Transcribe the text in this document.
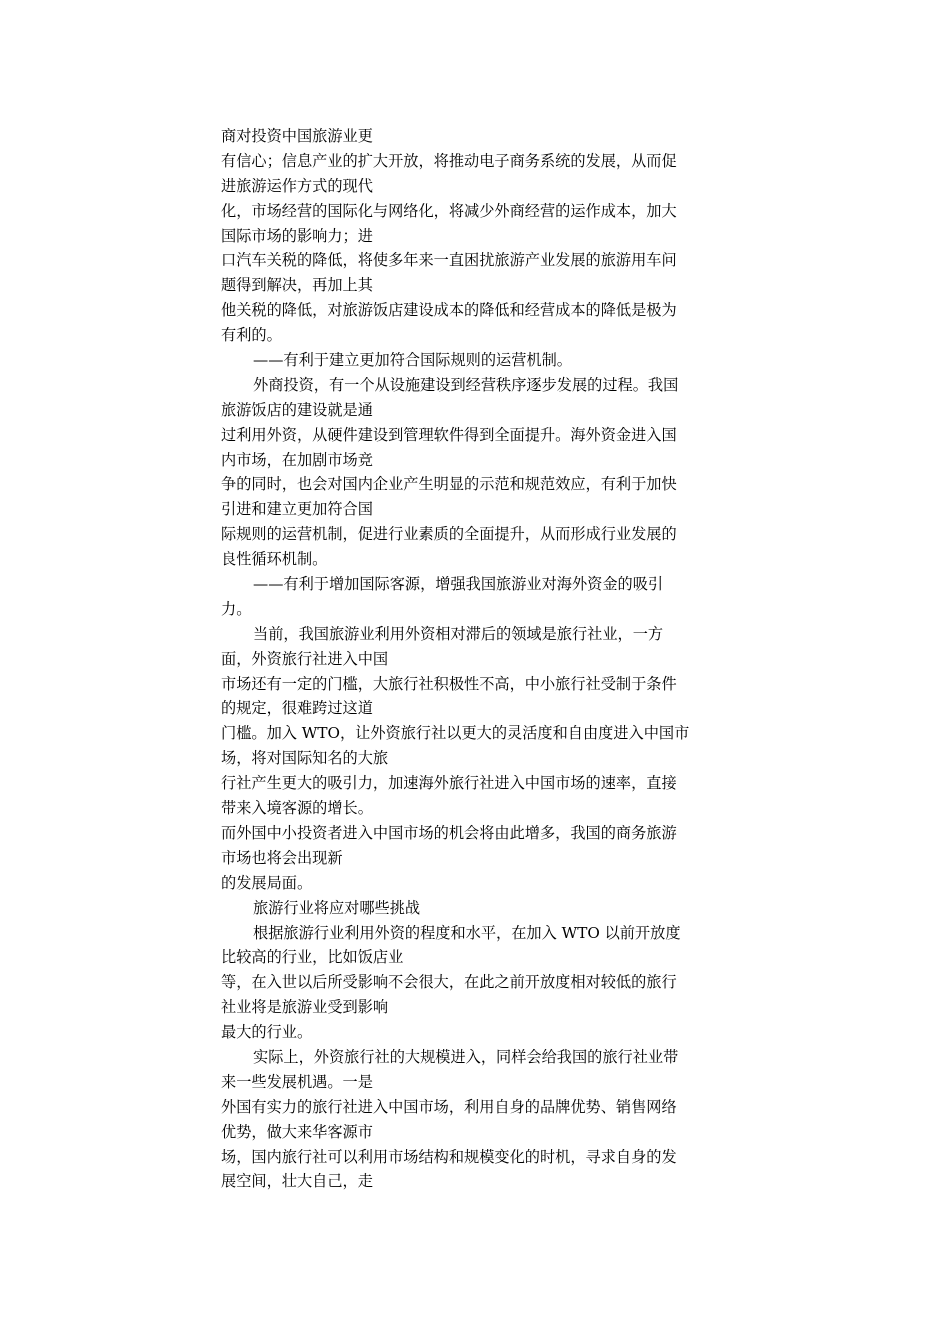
商对投资中国旅游业更
有信心；信息产业的扩大开放，将推动电子商务系统的发展，从而促
进旅游运作方式的现代
化，市场经营的国际化与网络化，将减少外商经营的运作成本，加大
国际市场的影响力；进
口汽车关税的降低，将使多年来一直困扰旅游产业发展的旅游用车问
题得到解决，再加上其
他关税的降低，对旅游饭店建设成本的降低和经营成本的降低是极为
有利的。
——有利于建立更加符合国际规则的运营机制。
外商投资，有一个从设施建设到经营秩序逐步发展的过程。我国
旅游饭店的建设就是通
过利用外资，从硬件建设到管理软件得到全面提升。海外资金进入国
内市场，在加剧市场竞
争的同时，也会对国内企业产生明显的示范和规范效应，有利于加快
引进和建立更加符合国
际规则的运营机制，促进行业素质的全面提升，从而形成行业发展的
良性循环机制。
——有利于增加国际客源，增强我国旅游业对海外资金的吸引
力。
当前，我国旅游业利用外资相对滞后的领域是旅行社业，一方
面，外资旅行社进入中国
市场还有一定的门槛，大旅行社积极性不高，中小旅行社受制于条件
的规定，很难跨过这道
门槛。加入 WTO，让外资旅行社以更大的灵活度和自由度进入中国市
场，将对国际知名的大旅
行社产生更大的吸引力，加速海外旅行社进入中国市场的速率，直接
带来入境客源的增长。
而外国中小投资者进入中国市场的机会将由此增多，我国的商务旅游
市场也将会出现新
的发展局面。
旅游行业将应对哪些挑战
根据旅游行业利用外资的程度和水平，在加入 WTO 以前开放度
比较高的行业，比如饭店业
等，在入世以后所受影响不会很大，在此之前开放度相对较低的旅行
社业将是旅游业受到影响
最大的行业。
实际上，外资旅行社的大规模进入，同样会给我国的旅行社业带
来一些发展机遇。一是
外国有实力的旅行社进入中国市场，利用自身的品牌优势、销售网络
优势，做大来华客源市
场，国内旅行社可以利用市场结构和规模变化的时机，寻求自身的发
展空间，壮大自己，走
